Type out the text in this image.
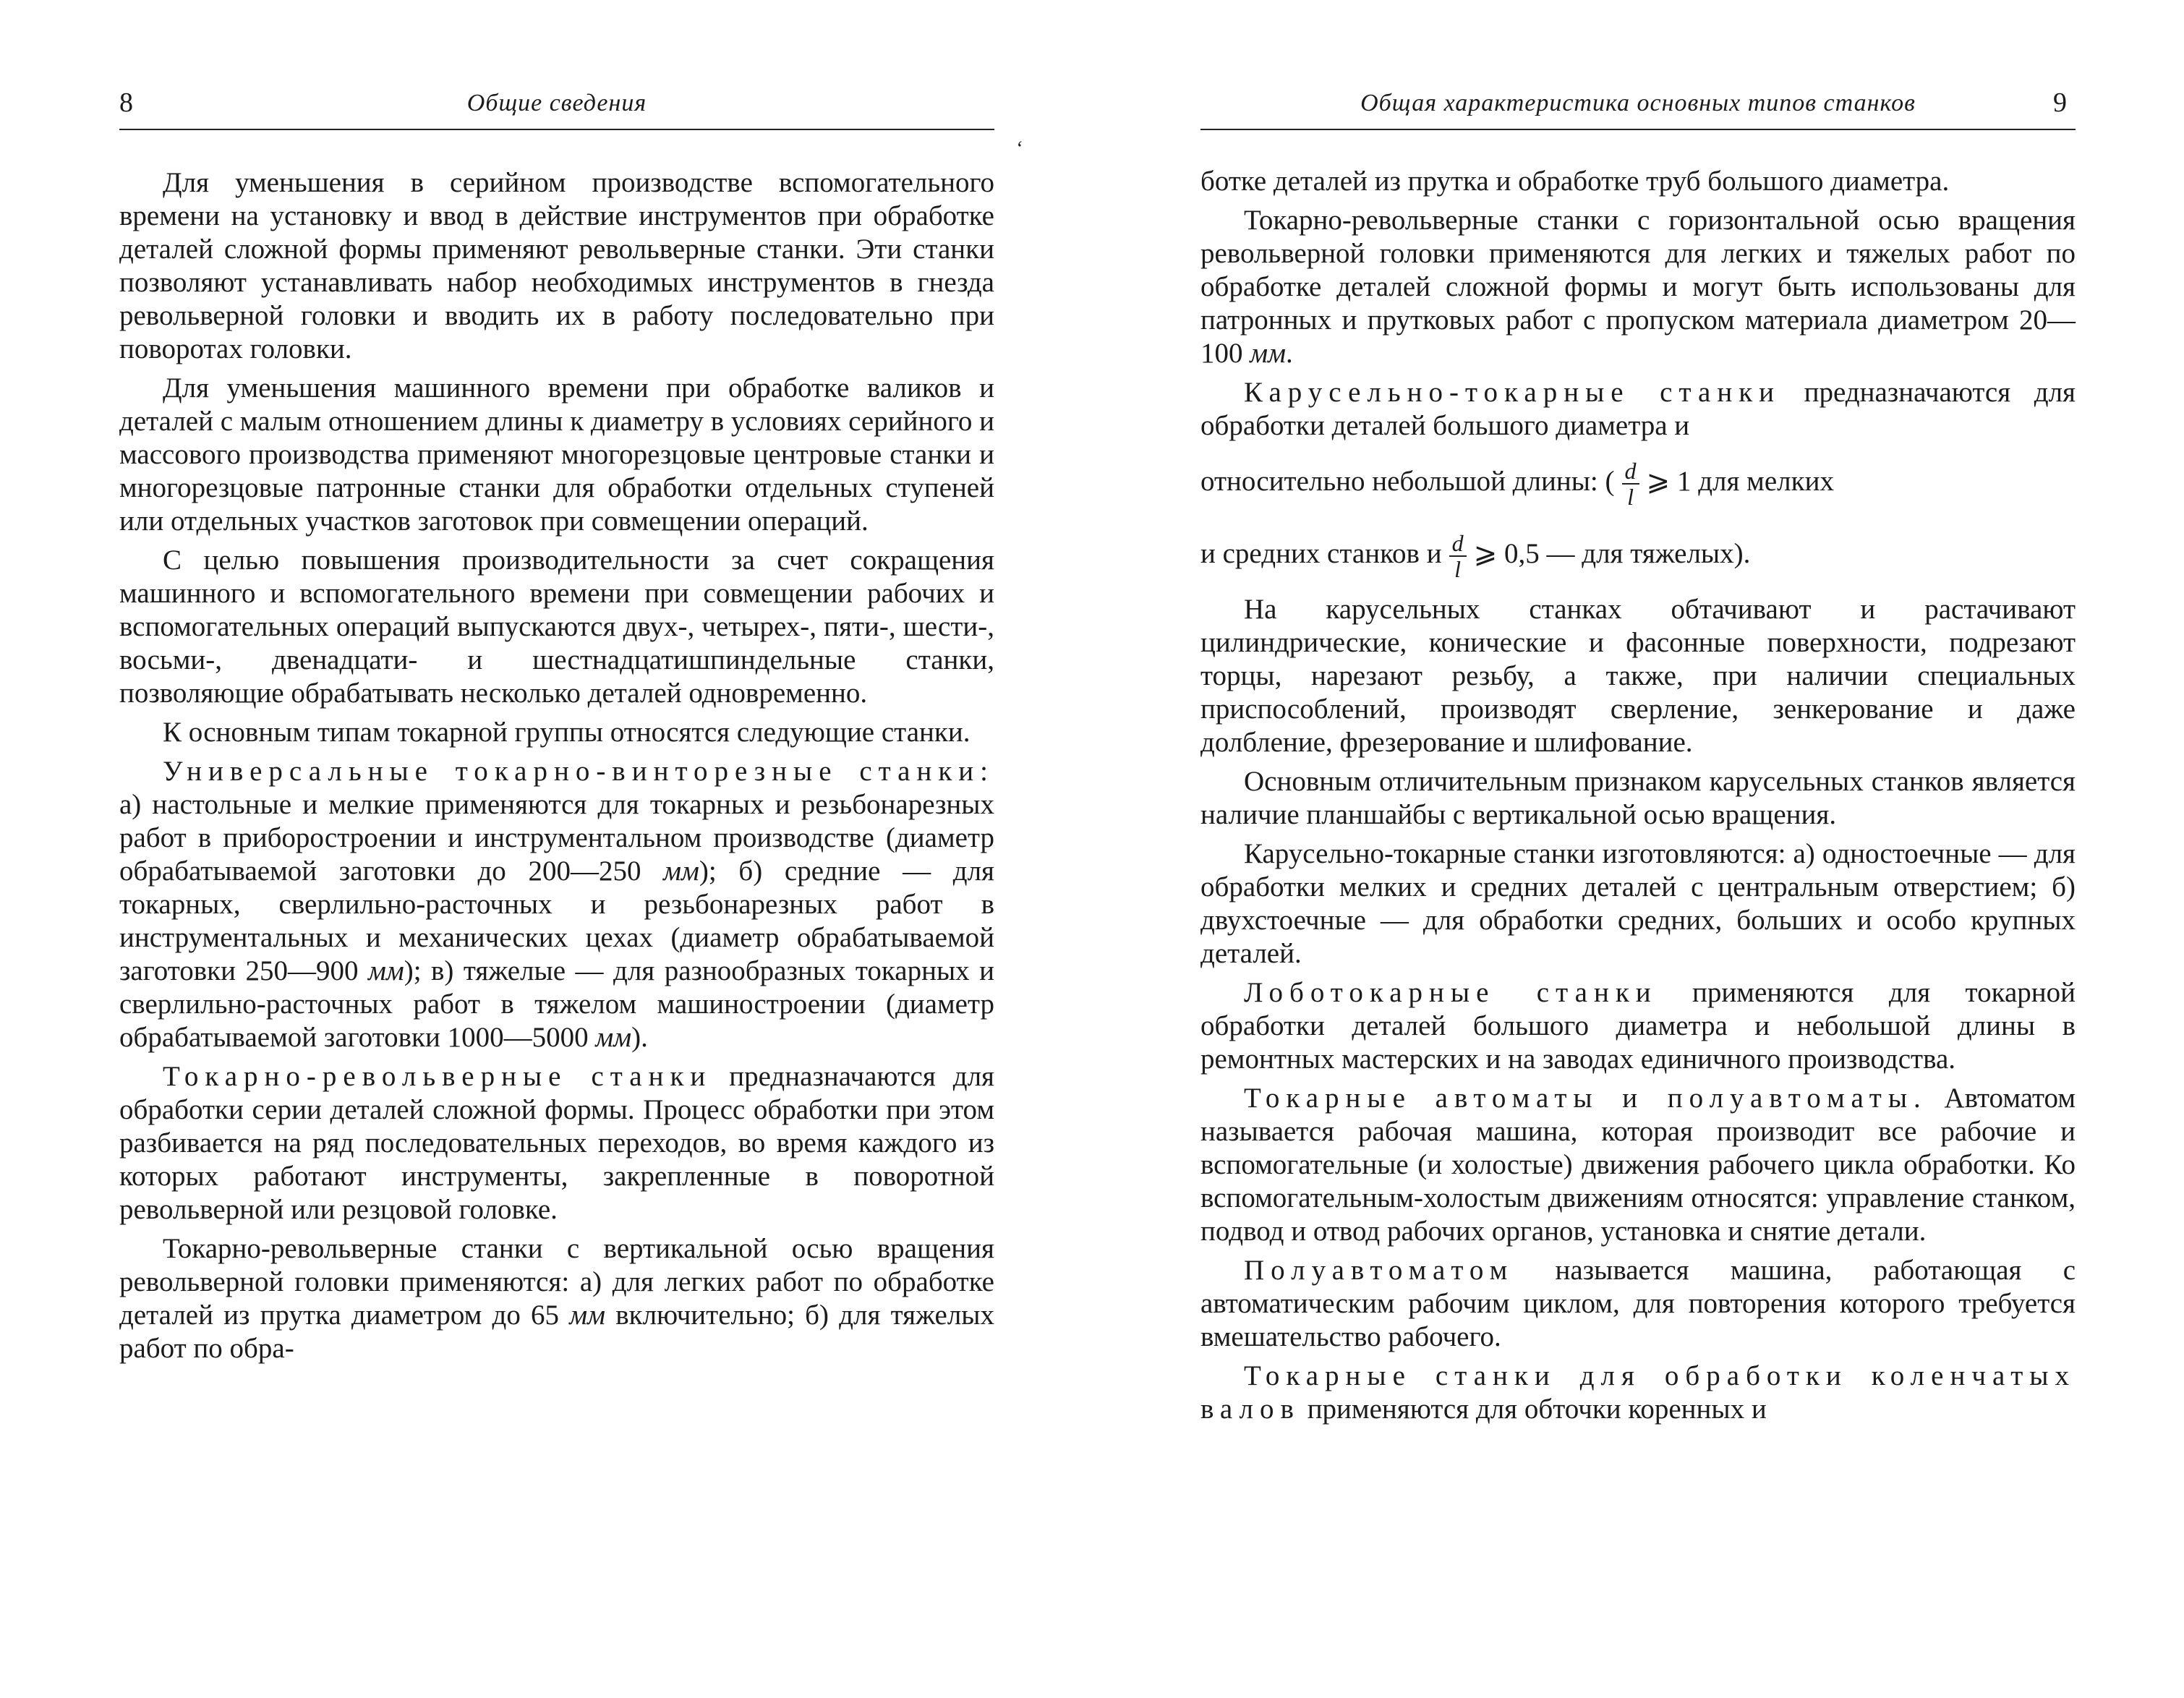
8	Общие сведения

Для уменьшения в серийном производстве вспомогательного времени на установку и ввод в действие инструментов при обработке деталей сложной формы применяют револьверные станки. Эти станки позволяют устанавливать набор необходимых инструментов в гнезда револьверной головки и вводить их в работу последовательно при поворотах головки.

Для уменьшения машинного времени при обработке валиков и деталей с малым отношением длины к диаметру в условиях серийного и массового производства применяют многорезцовые центровые станки и многорезцовые патронные станки для обработки отдельных ступеней или отдельных участков заготовок при совмещении операций.

С целью повышения производительности за счет сокращения машинного и вспомогательного времени при совмещении рабочих и вспомогательных операций выпускаются двух-, четырех-, пяти-, шести-, восьми-, двенадцати- и шестнадцатишпиндельные станки, позволяющие обрабатывать несколько деталей одновременно.

К основным типам токарной группы относятся следующие станки.

Универсальные токарно-винторезные станки: а) настольные и мелкие применяются для токарных и резьбонарезных работ в приборостроении и инструментальном производстве (диаметр обрабатываемой заготовки до 200—250 мм); б) средние — для токарных, сверлильно-расточных и резьбонарезных работ в инструментальных и механических цехах (диаметр обрабатываемой заготовки 250—900 мм); в) тяжелые — для разнообразных токарных и сверлильно-расточных работ в тяжелом машиностроении (диаметр обрабатываемой заготовки 1000—5000 мм).

Токарно-револьверные станки предназначаются для обработки серии деталей сложной формы. Процесс обработки при этом разбивается на ряд последовательных переходов, во время каждого из которых работают инструменты, закрепленные в поворотной револьверной или резцовой головке.

Токарно-револьверные станки с вертикальной осью вращения револьверной головки применяются: а) для легких работ по обработке деталей из прутка диаметром до 65 мм включительно; б) для тяжелых работ по обра-

ʻ
Общая характеристика основных типов станков	9

ботке деталей из прутка и обработке труб большого диаметра.

Токарно-револьверные станки с горизонтальной осью вращения револьверной головки применяются для легких и тяжелых работ по обработке деталей сложной формы и могут быть использованы для патронных и прутковых работ с пропуском материала диаметром 20—100 мм.

Карусельно-токарные станки предназначаются для обработки деталей большого диаметра и

относительно небольшой длины: ( $\frac{d}{l}$ ⩾ 1 для мелких

и средних станков и $\frac{d}{l}$ ⩾ 0,5 — для тяжелых).

На карусельных станках обтачивают и растачивают цилиндрические, конические и фасонные поверхности, подрезают торцы, нарезают резьбу, а также, при наличии специальных приспособлений, производят сверление, зенкерование и даже долбление, фрезерование и шлифование.

Основным отличительным признаком карусельных станков является наличие планшайбы с вертикальной осью вращения.

Карусельно-токарные станки изготовляются: а) одностоечные — для обработки мелких и средних деталей с центральным отверстием; б) двухстоечные — для обработки средних, больших и особо крупных деталей.

Лоботокарные станки применяются для токарной обработки деталей большого диаметра и небольшой длины в ремонтных мастерских и на заводах единичного производства.

Токарные автоматы и полуавтоматы. Автоматом называется рабочая машина, которая производит все рабочие и вспомогательные (и холостые) движения рабочего цикла обработки. Ко вспомогательным-холостым движениям относятся: управление станком, подвод и отвод рабочих органов, установка и снятие детали.

Полуавтоматом называется машина, работающая с автоматическим рабочим циклом, для повторения которого требуется вмешательство рабочего.

Токарные станки для обработки коленчатых валов применяются для обточки коренных и
